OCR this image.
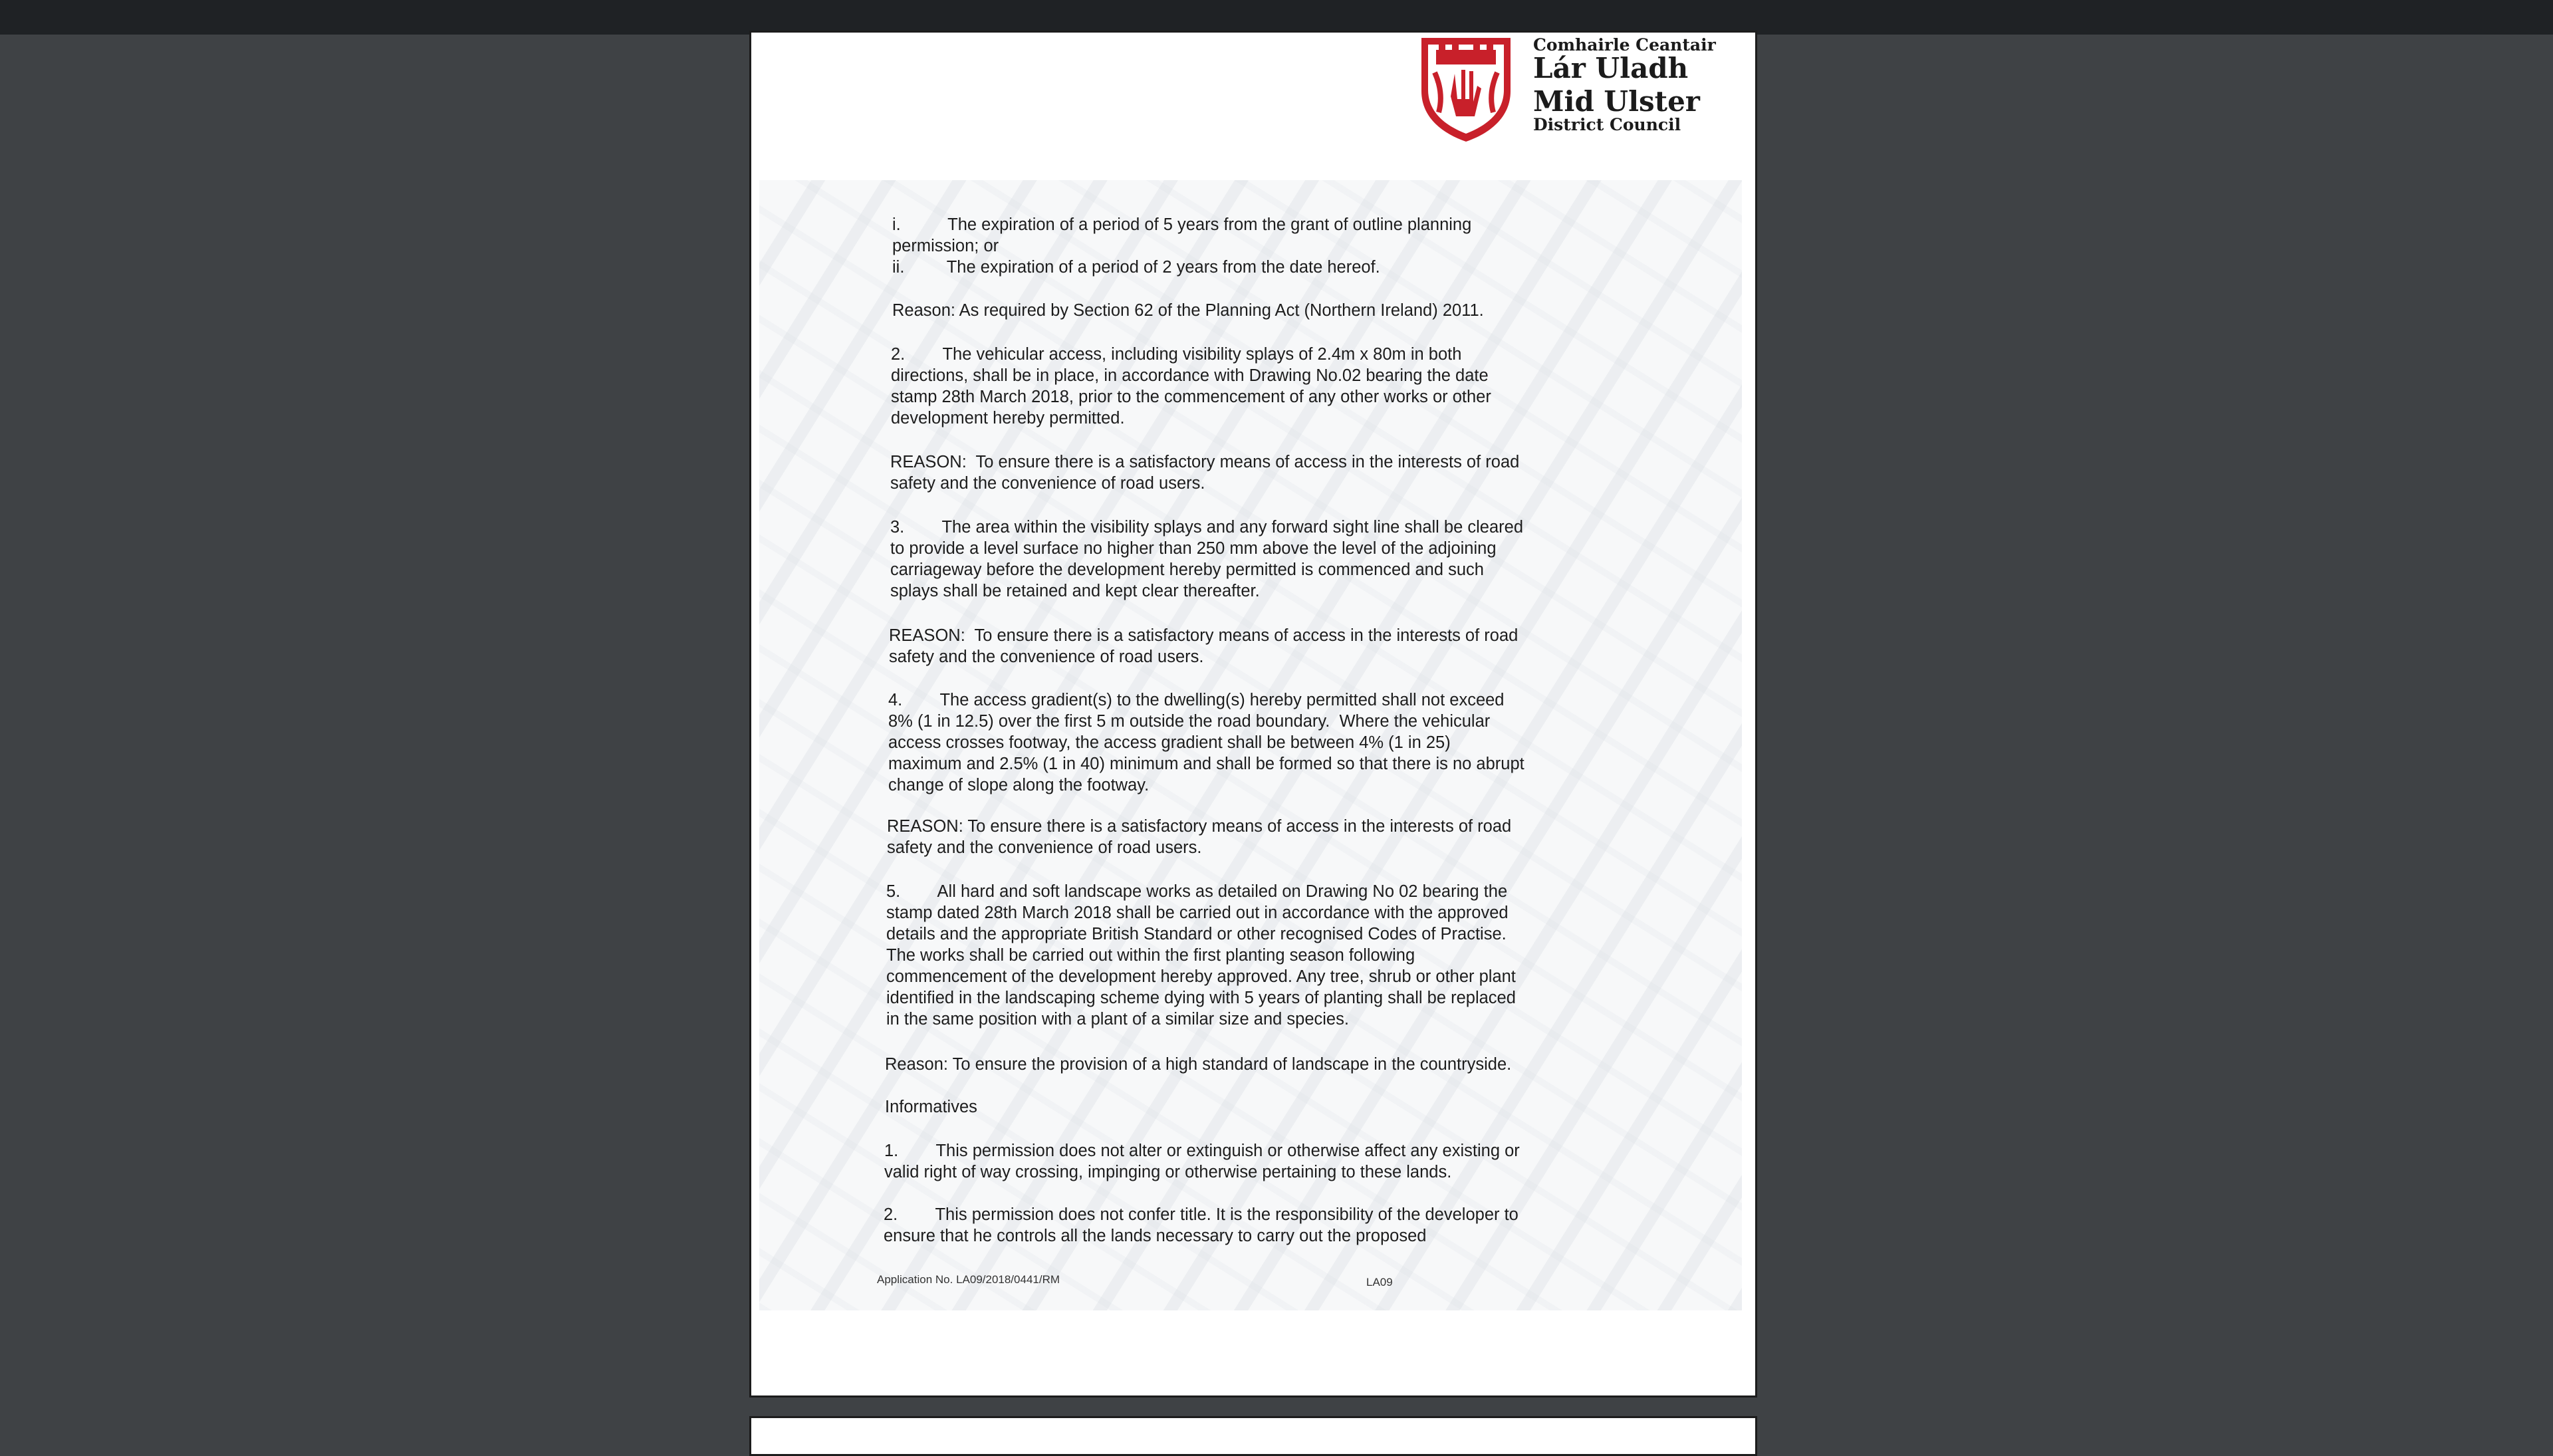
Comhairle Ceantair
Lár Uladh
Mid Ulster
District Council
i.          The expiration of a period of 5 years from the grant of outline planning
permission; or
ii.         The expiration of a period of 2 years from the date hereof.
Reason: As required by Section 62 of the Planning Act (Northern Ireland) 2011.
2.        The vehicular access, including visibility splays of 2.4m x 80m in both
directions, shall be in place, in accordance with Drawing No.02 bearing the date
stamp 28th March 2018, prior to the commencement of any other works or other
development hereby permitted.
REASON:  To ensure there is a satisfactory means of access in the interests of road
safety and the convenience of road users.
3.        The area within the visibility splays and any forward sight line shall be cleared
to provide a level surface no higher than 250 mm above the level of the adjoining
carriageway before the development hereby permitted is commenced and such
splays shall be retained and kept clear thereafter.
REASON:  To ensure there is a satisfactory means of access in the interests of road
safety and the convenience of road users.
4.        The access gradient(s) to the dwelling(s) hereby permitted shall not exceed
8% (1 in 12.5) over the first 5 m outside the road boundary.  Where the vehicular
access crosses footway, the access gradient shall be between 4% (1 in 25)
maximum and 2.5% (1 in 40) minimum and shall be formed so that there is no abrupt
change of slope along the footway.
REASON: To ensure there is a satisfactory means of access in the interests of road
safety and the convenience of road users.
5.        All hard and soft landscape works as detailed on Drawing No 02 bearing the
stamp dated 28th March 2018 shall be carried out in accordance with the approved
details and the appropriate British Standard or other recognised Codes of Practise.
The works shall be carried out within the first planting season following
commencement of the development hereby approved. Any tree, shrub or other plant
identified in the landscaping scheme dying with 5 years of planting shall be replaced
in the same position with a plant of a similar size and species.
Reason: To ensure the provision of a high standard of landscape in the countryside.
Informatives
1.        This permission does not alter or extinguish or otherwise affect any existing or
valid right of way crossing, impinging or otherwise pertaining to these lands.
2.        This permission does not confer title. It is the responsibility of the developer to
ensure that he controls all the lands necessary to carry out the proposed
Application No. LA09/2018/0441/RM	LA09
